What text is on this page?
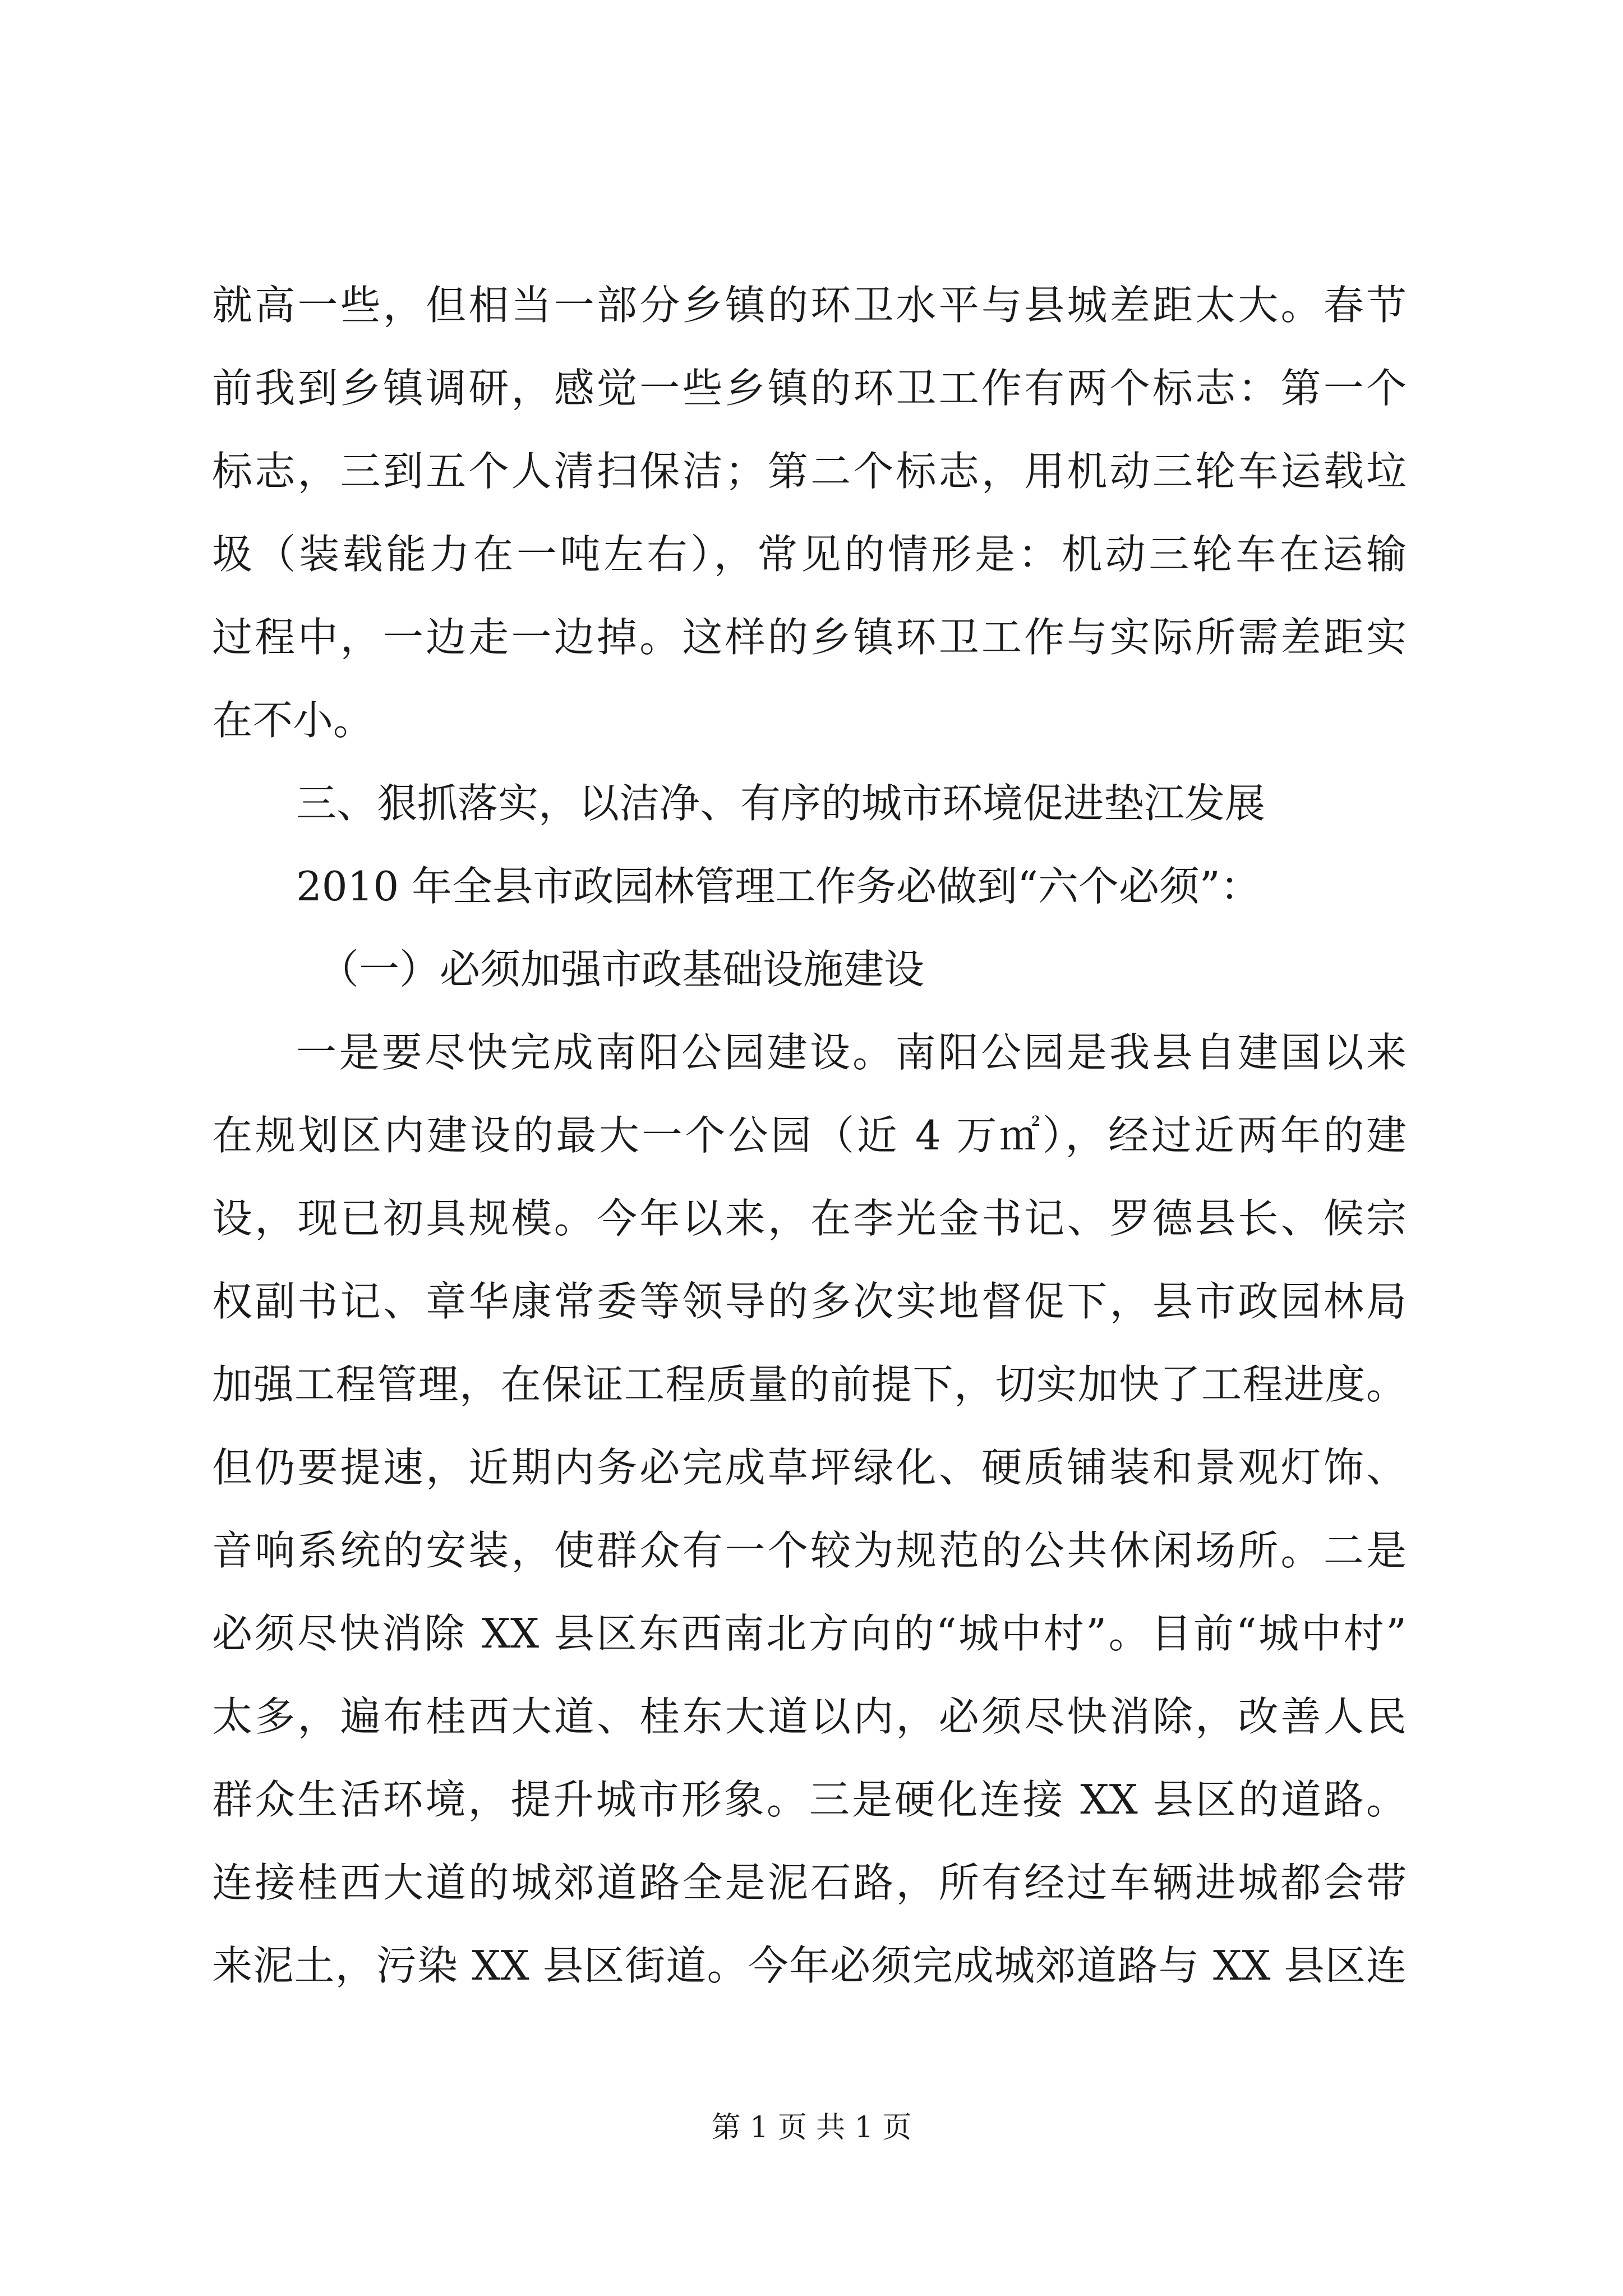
就高一些，但相当一部分乡镇的环卫水平与县城差距太大。春节
前我到乡镇调研，感觉一些乡镇的环卫工作有两个标志：第一个
标志，三到五个人清扫保洁；第二个标志，用机动三轮车运载垃
圾（装载能力在一吨左右），常见的情形是：机动三轮车在运输
过程中，一边走一边掉。这样的乡镇环卫工作与实际所需差距实
在不小。
三、狠抓落实，以洁净、有序的城市环境促进垫江发展
2010 年全县市政园林管理工作务必做到“六个必须”：
（一）必须加强市政基础设施建设
一是要尽快完成南阳公园建设。南阳公园是我县自建国以来
在规划区内建设的最大一个公园（近 4 万㎡），经过近两年的建
设，现已初具规模。今年以来，在李光金书记、罗德县长、候宗
权副书记、章华康常委等领导的多次实地督促下，县市政园林局
加强工程管理，在保证工程质量的前提下，切实加快了工程进度。
但仍要提速，近期内务必完成草坪绿化、硬质铺装和景观灯饰、
音响系统的安装，使群众有一个较为规范的公共休闲场所。二是
必须尽快消除 XX 县区东西南北方向的“城中村”。目前“城中村”
太多，遍布桂西大道、桂东大道以内，必须尽快消除，改善人民
群众生活环境，提升城市形象。三是硬化连接 XX 县区的道路。
连接桂西大道的城郊道路全是泥石路，所有经过车辆进城都会带
来泥土，污染 XX 县区街道。今年必须完成城郊道路与 XX 县区连
第 1 页 共 1 页
